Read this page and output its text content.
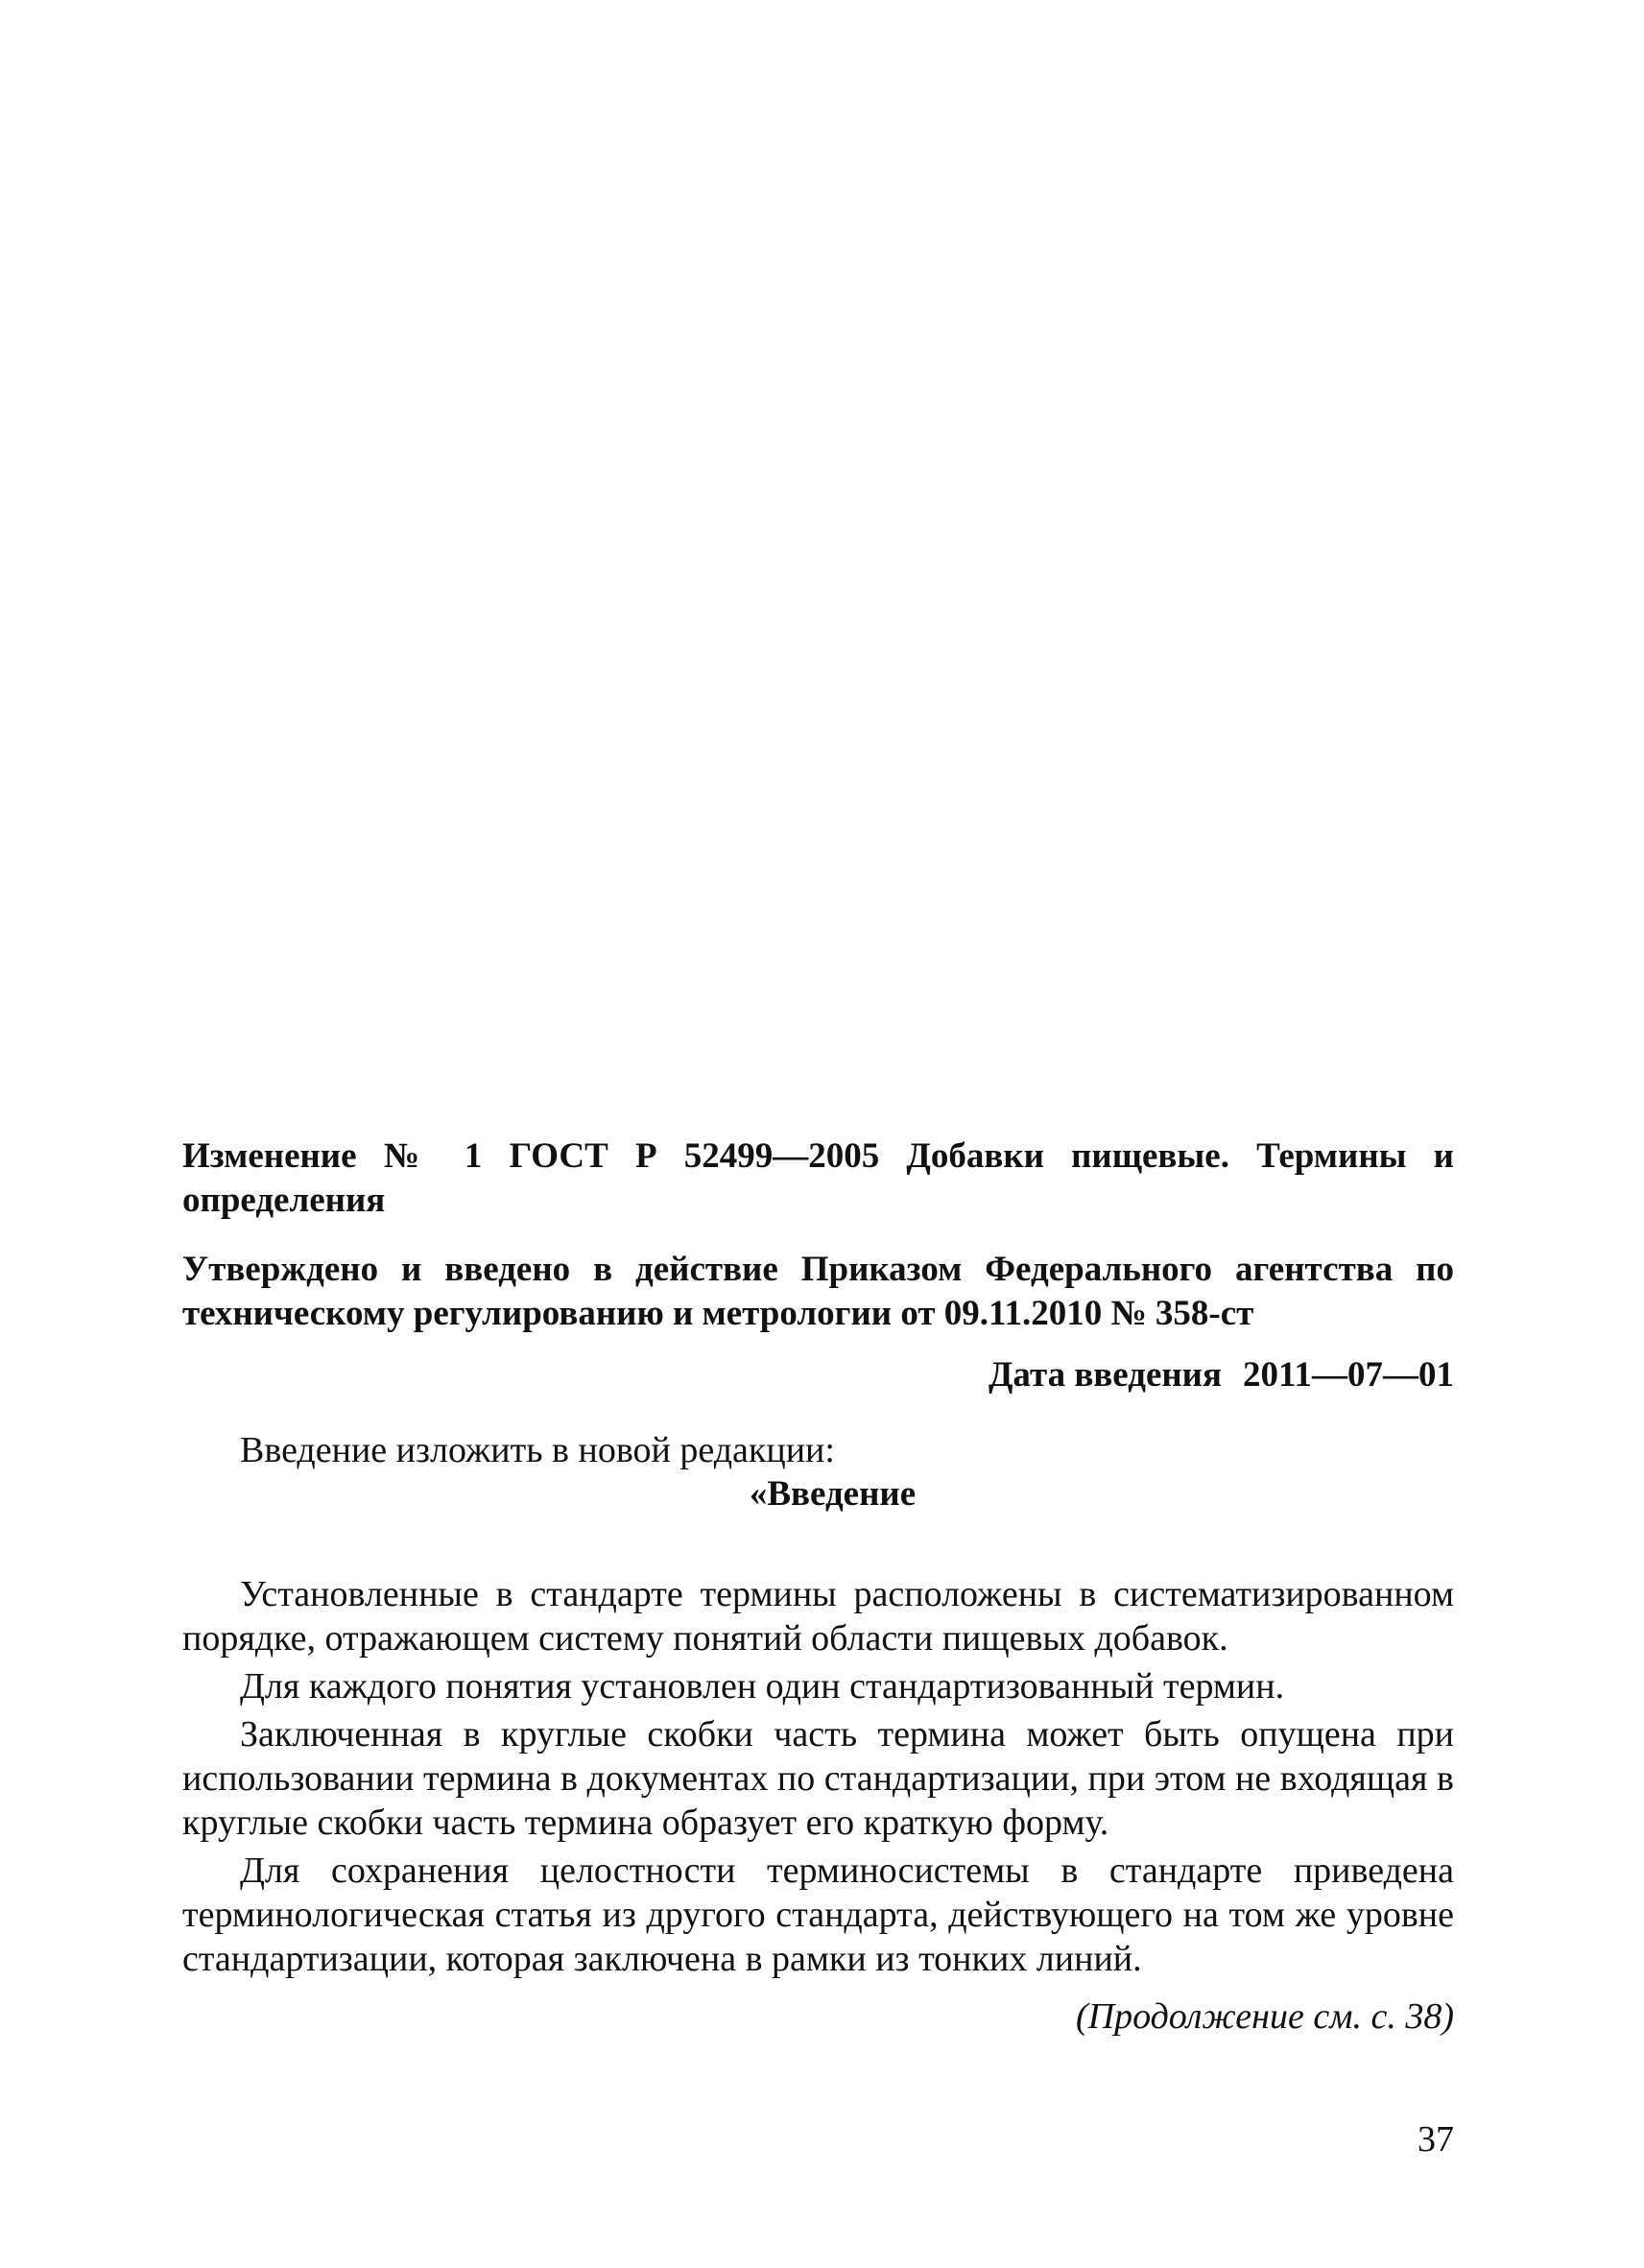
Изменение № 1 ГОСТ Р 52499—2005 Добавки пищевые. Термины и определения

Утверждено и введено в действие Приказом Федерального агентства по техническому регулированию и метрологии от 09.11.2010 № 358-ст

Дата введения 2011—07—01

Введение изложить в новой редакции:

«Введение

Установленные в стандарте термины расположены в систематизированном порядке, отражающем систему понятий области пищевых добавок.

Для каждого понятия установлен один стандартизованный термин.

Заключенная в круглые скобки часть термина может быть опущена при использовании термина в документах по стандартизации, при этом не входящая в круглые скобки часть термина образует его краткую форму.

Для сохранения целостности терминосистемы в стандарте приведена терминологическая статья из другого стандарта, действующего на том же уровне стандартизации, которая заключена в рамки из тонких линий.

(Продолжение см. с. 38)

37
